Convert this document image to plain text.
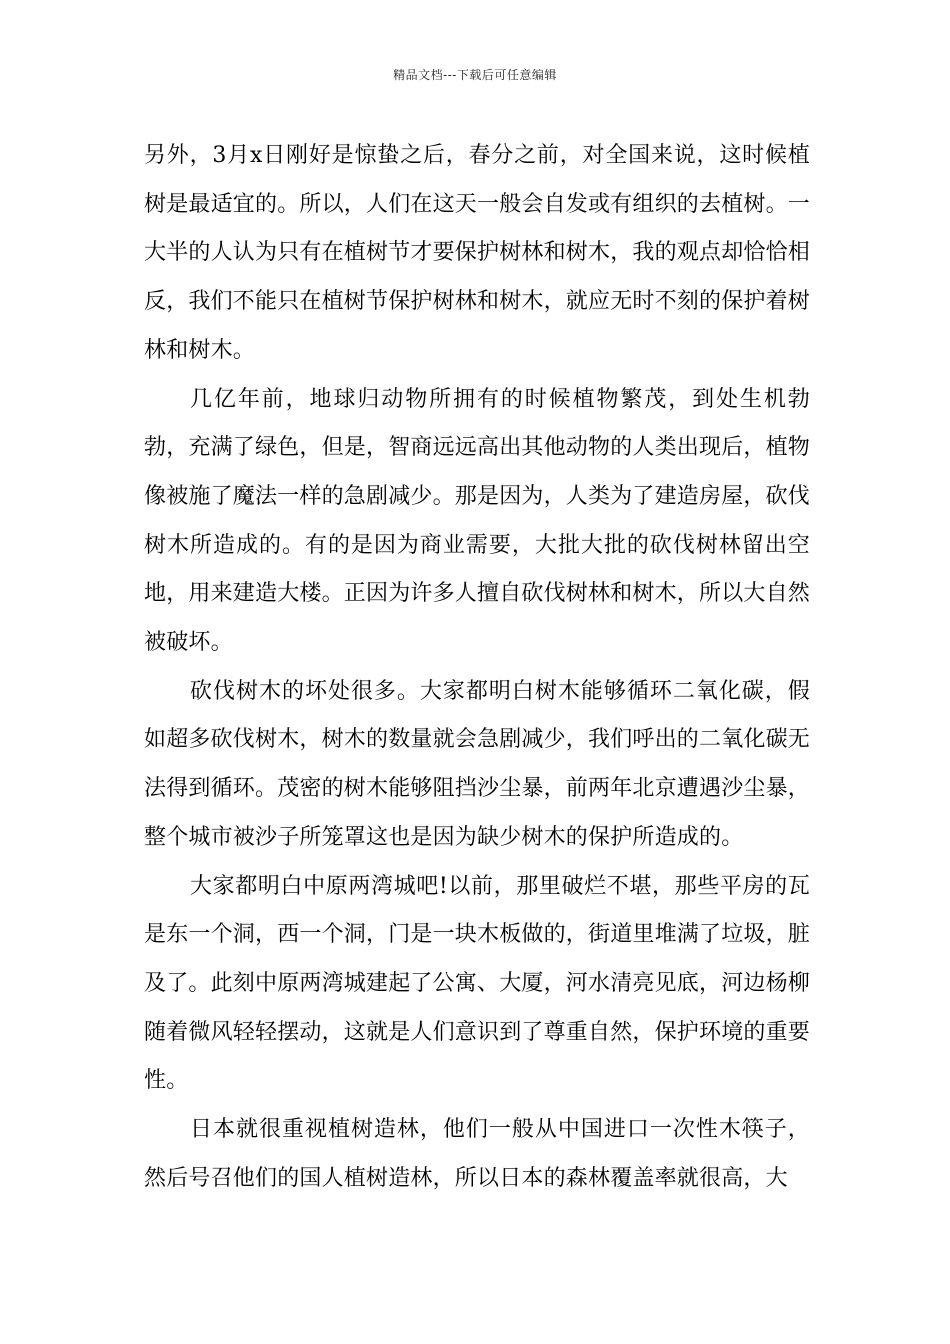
精品文档---下载后可任意编辑

另外，3月x日刚好是惊蛰之后，春分之前，对全国来说，这时候植树是最适宜的。所以，人们在这天一般会自发或有组织的去植树。一大半的人认为只有在植树节才要保护树林和树木，我的观点却恰恰相反，我们不能只在植树节保护树林和树木，就应无时不刻的保护着树林和树木。

几亿年前，地球归动物所拥有的时候植物繁茂，到处生机勃勃，充满了绿色，但是，智商远远高出其他动物的人类出现后，植物像被施了魔法一样的急剧减少。那是因为，人类为了建造房屋，砍伐树木所造成的。有的是因为商业需要，大批大批的砍伐树林留出空地，用来建造大楼。正因为许多人擅自砍伐树林和树木，所以大自然被破坏。

砍伐树木的坏处很多。大家都明白树木能够循环二氧化碳，假如超多砍伐树木，树木的数量就会急剧减少，我们呼出的二氧化碳无法得到循环。茂密的树木能够阻挡沙尘暴，前两年北京遭遇沙尘暴，整个城市被沙子所笼罩这也是因为缺少树木的保护所造成的。

大家都明白中原两湾城吧!以前，那里破烂不堪，那些平房的瓦是东一个洞，西一个洞，门是一块木板做的，街道里堆满了垃圾，脏及了。此刻中原两湾城建起了公寓、大厦，河水清亮见底，河边杨柳随着微风轻轻摆动，这就是人们意识到了尊重自然，保护环境的重要性。

日本就很重视植树造林，他们一般从中国进口一次性木筷子，然后号召他们的国人植树造林，所以日本的森林覆盖率就很高，大
